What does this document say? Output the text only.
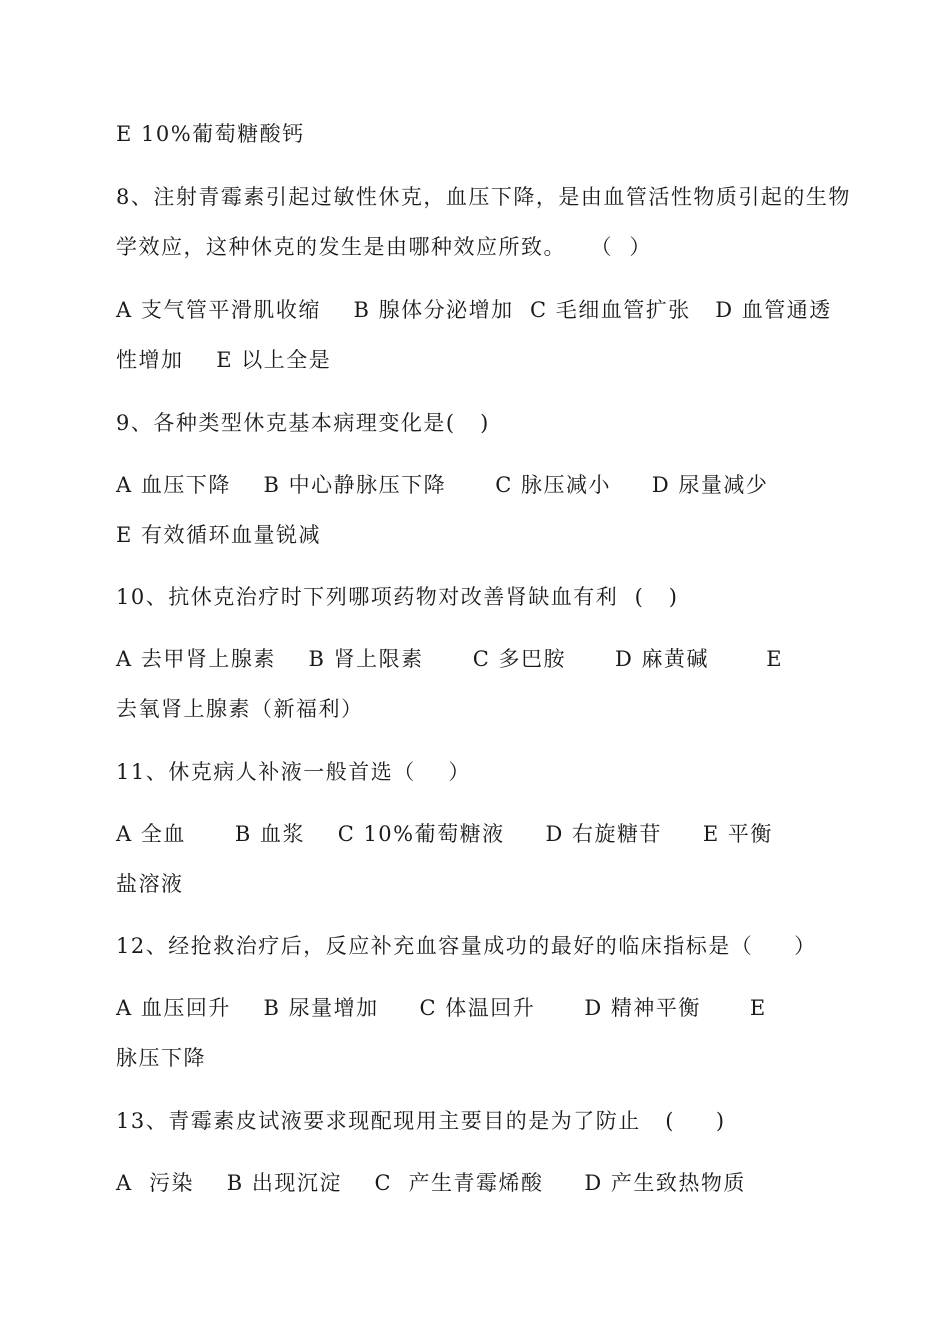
E 10%葡萄糖酸钙
8、注射青霉素引起过敏性休克，血压下降，是由血管活性物质引起的生物
学效应，这种休克的发生是由哪种效应所致。   （  ）
A 支气管平滑肌收缩    B 腺体分泌增加  C 毛细血管扩张   D 血管通透
性增加    E 以上全是
9、各种类型休克基本病理变化是(   )
A 血压下降    B 中心静脉压下降      C 脉压减小     D 尿量减少
E 有效循环血量锐减
10、抗休克治疗时下列哪项药物对改善肾缺血有利  (   )
A 去甲肾上腺素    B 肾上限素      C 多巴胺      D 麻黄碱       E
去氧肾上腺素（新福利）
11、休克病人补液一般首选（    ）
A 全血      B 血浆    C 10%葡萄糖液     D 右旋糖苷     E 平衡
盐溶液
12、经抢救治疗后，反应补充血容量成功的最好的临床指标是（     ）
A 血压回升    B 尿量增加     C 体温回升      D 精神平衡      E
脉压下降
13、青霉素皮试液要求现配现用主要目的是为了防止   (     )
A  污染    B 出现沉淀    C  产生青霉烯酸     D 产生致热物质
